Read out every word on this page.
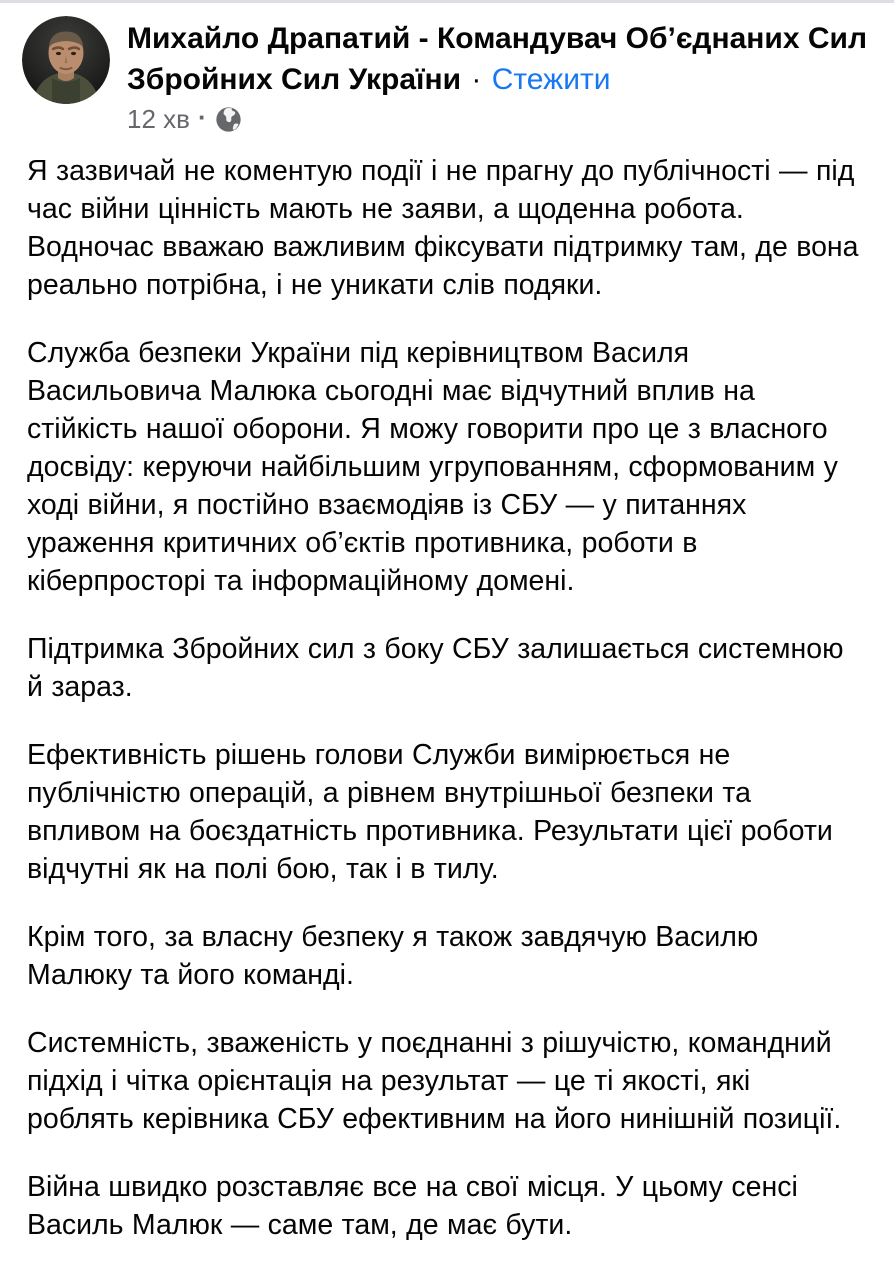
Михайло Драпатий - Командувач Об’єднаних Сил Збройних Сил України · Стежити
12 хв ·

Я зазвичай не коментую події і не прагну до публічності — під час війни цінність мають не заяви, а щоденна робота. Водночас вважаю важливим фіксувати підтримку там, де вона реально потрібна, і не уникати слів подяки.

Служба безпеки України під керівництвом Василя Васильовича Малюка сьогодні має відчутний вплив на стійкість нашої оборони. Я можу говорити про це з власного досвіду: керуючи найбільшим угрупованням, сформованим у ході війни, я постійно взаємодіяв із СБУ — у питаннях ураження критичних об’єктів противника, роботи в кіберпросторі та інформаційному домені.

Підтримка Збройних сил з боку СБУ залишається системною й зараз.

Ефективність рішень голови Служби вимірюється не публічністю операцій, а рівнем внутрішньої безпеки та впливом на боєздатність противника. Результати цієї роботи відчутні як на полі бою, так і в тилу.

Крім того, за власну безпеку я також завдячую Василю Малюку та його команді.

Системність, зваженість у поєднанні з рішучістю, командний підхід і чітка орієнтація на результат — це ті якості, які роблять керівника СБУ ефективним на його нинішній позиції.

Війна швидко розставляє все на свої місця. У цьому сенсі Василь Малюк — саме там, де має бути.
